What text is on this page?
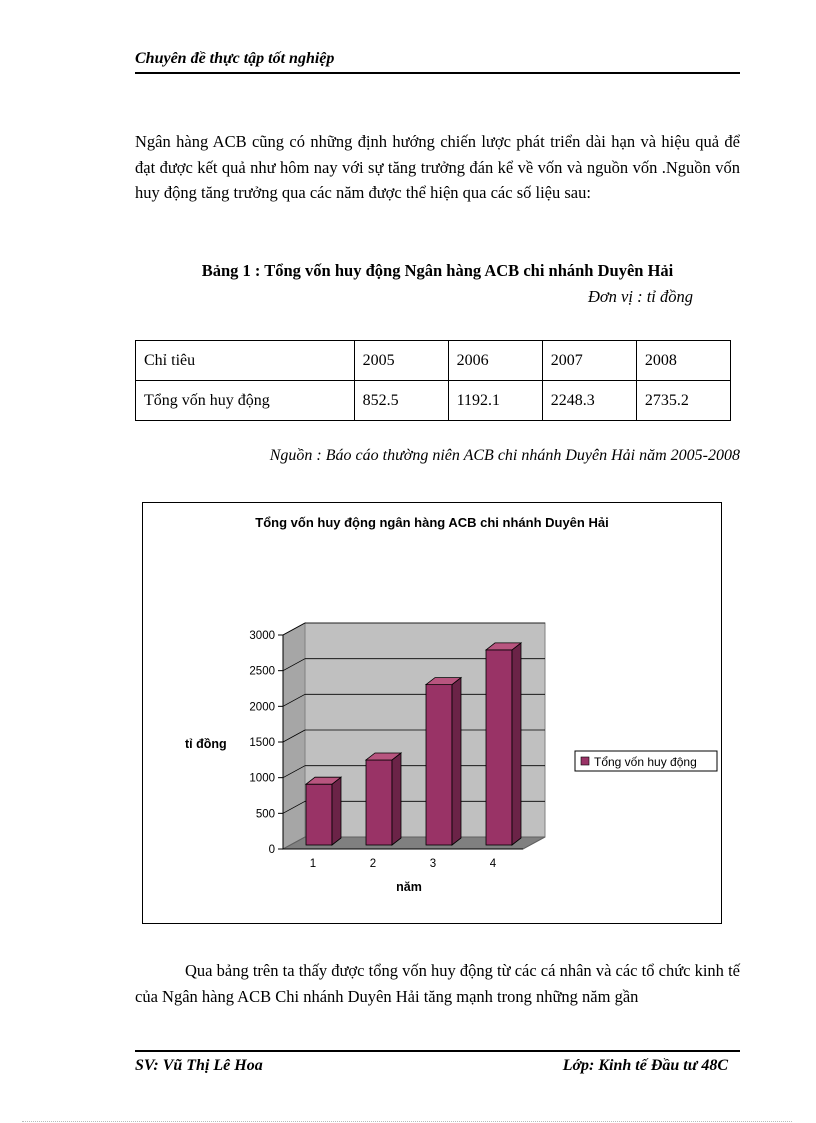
Chuyên đề thực tập tốt nghiệp
Ngân hàng ACB cũng có những định hướng chiến lược phát triển dài hạn và hiệu quả để đạt được kết quả như hôm nay với sự tăng trưởng đán kể về vốn và nguồn vốn .Nguồn vốn huy động tăng trưởng qua các năm được thể hiện qua các số liệu sau:
Bảng 1 : Tổng vốn huy động Ngân hàng ACB chi nhánh Duyên Hải
Đơn vị : tỉ đồng
Chỉ tiêu	2005	2006	2007	2008
Tổng vốn huy động	852.5	1192.1	2248.3	2735.2
Nguồn : Báo cáo thường niên ACB chi nhánh Duyên Hải năm 2005-2008
Tổng vốn huy động ngân hàng ACB chi nhánh Duyên Hải
0
500
1000
1500
2000
2500
3000
1	2	3	4
tỉ đồng
năm
Tổng vốn huy động
Qua bảng trên ta thấy được tổng vốn huy động từ các cá nhân và các tổ chức kinh tế của Ngân hàng ACB Chi nhánh Duyên Hải tăng mạnh trong những năm gần
SV: Vũ Thị Lê Hoa	Lớp: Kinh tế Đầu tư 48C
